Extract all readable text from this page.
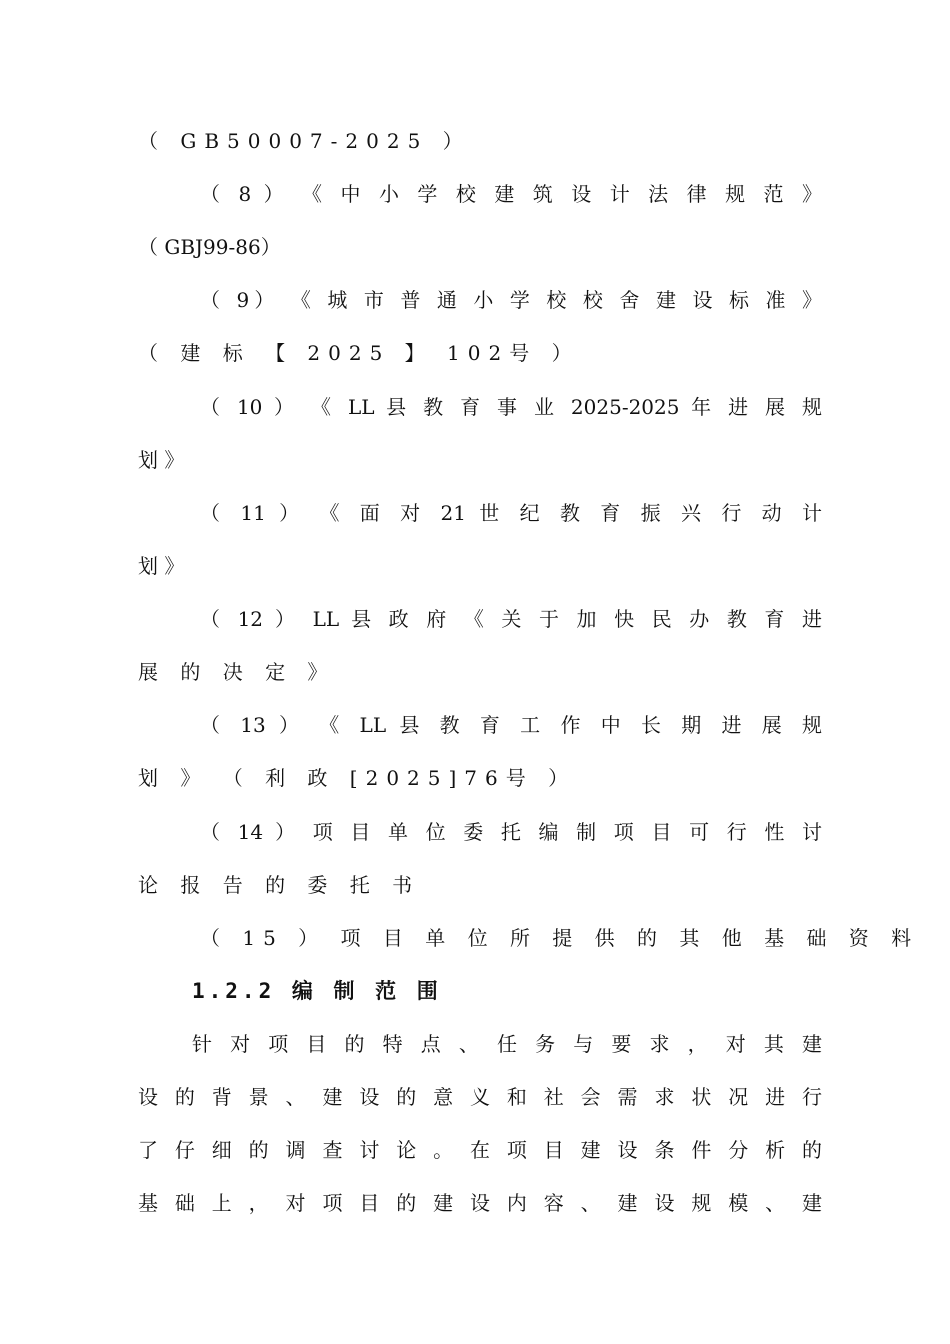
（ GB50007-2025 ）
（ 8 ） 《 中 小 学 校 建 筑 设 计 法 律 规 范 》
（ GBJ99-86）
（ 9） 《 城 市 普 通 小 学 校 校 舍 建 设 标 准 》
（ 建 标 【 2025 】 102号 ）
（ 10 ） 《 LL 县 教 育 事 业 2025-2025 年 进 展 规
划 》
（ 11 ） 《 面 对 21 世 纪 教 育 振 兴 行 动 计
划 》
（ 12 ） LL 县 政 府 《 关 于 加 快 民 办 教 育 进
展 的 决 定 》
（ 13 ） 《 LL 县 教 育 工 作 中 长 期 进 展 规
划 》 （ 利 政 [2025]76号 ）
（ 14 ） 项 目 单 位 委 托 编 制 项 目 可 行 性 讨
论 报 告 的 委 托 书
（ 15 ） 项 目 单 位 所 提 供 的 其 他 基 础 资 料
1.2.2 编 制 范 围
针 对 项 目 的 特 点 、 任 务 与 要 求 ， 对 其 建
设 的 背 景 、 建 设 的 意 义 和 社 会 需 求 状 况 进 行
了 仔 细 的 调 查 讨 论 。 在 项 目 建 设 条 件 分 析 的
基 础 上 ， 对 项 目 的 建 设 内 容 、 建 设 规 模 、 建
